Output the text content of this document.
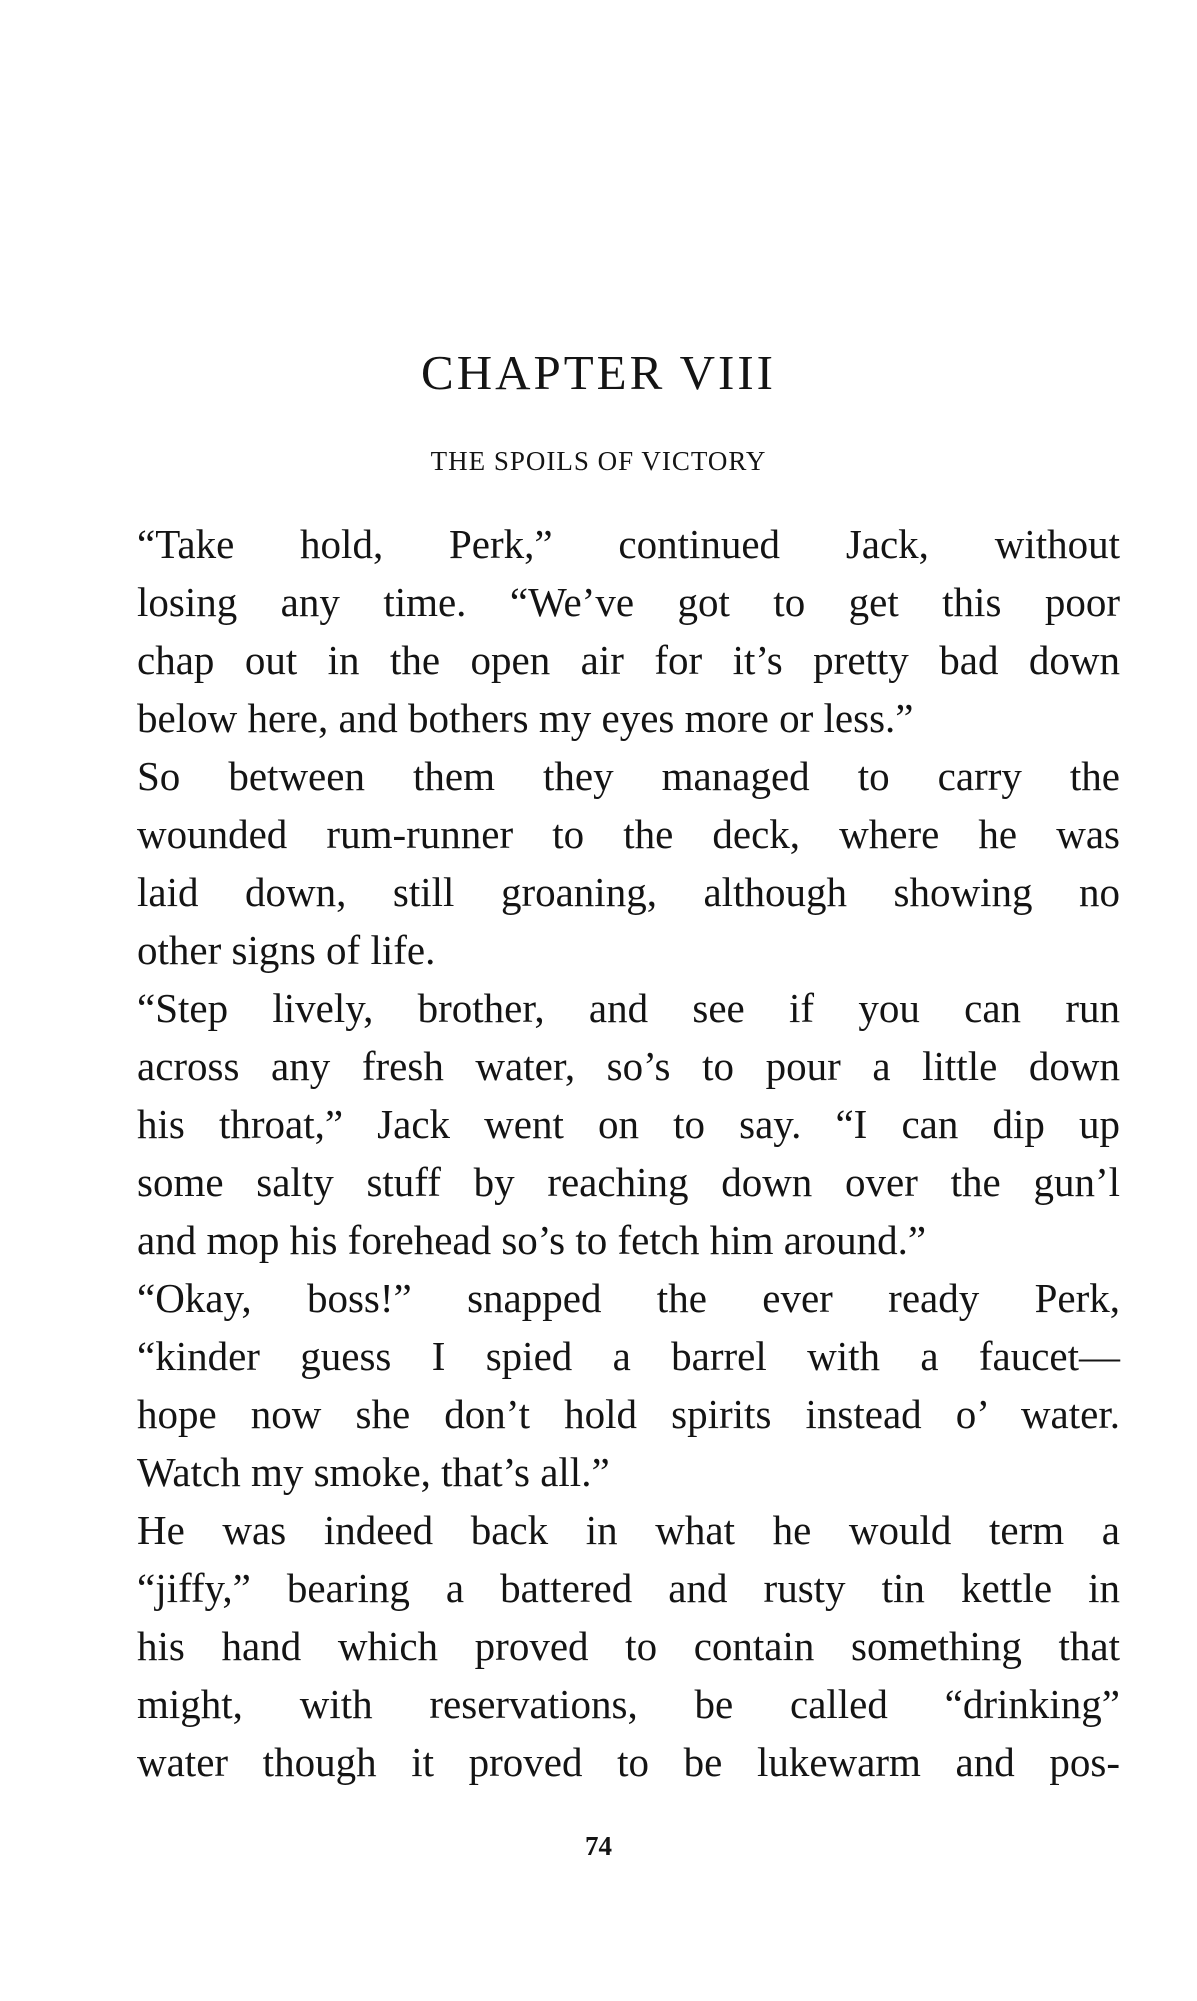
CHAPTER VIII
THE SPOILS OF VICTORY

“Take hold, Perk,” continued Jack, without
losing any time. “We’ve got to get this poor
chap out in the open air for it’s pretty bad down
below here, and bothers my eyes more or less.”

So between them they managed to carry the
wounded rum-runner to the deck, where he was
laid down, still groaning, although showing no
other signs of life.

“Step lively, brother, and see if you can run
across any fresh water, so’s to pour a little down
his throat,” Jack went on to say. “I can dip up
some salty stuff by reaching down over the gun’l
and mop his forehead so’s to fetch him around.”

“Okay, boss!” snapped the ever ready Perk,
“kinder guess I spied a barrel with a faucet—
hope now she don’t hold spirits instead o’ water.
Watch my smoke, that’s all.”

He was indeed back in what he would term a
“jiffy,” bearing a battered and rusty tin kettle in
his hand which proved to contain something that
might, with reservations, be called “drinking”
water though it proved to be lukewarm and pos-

74
